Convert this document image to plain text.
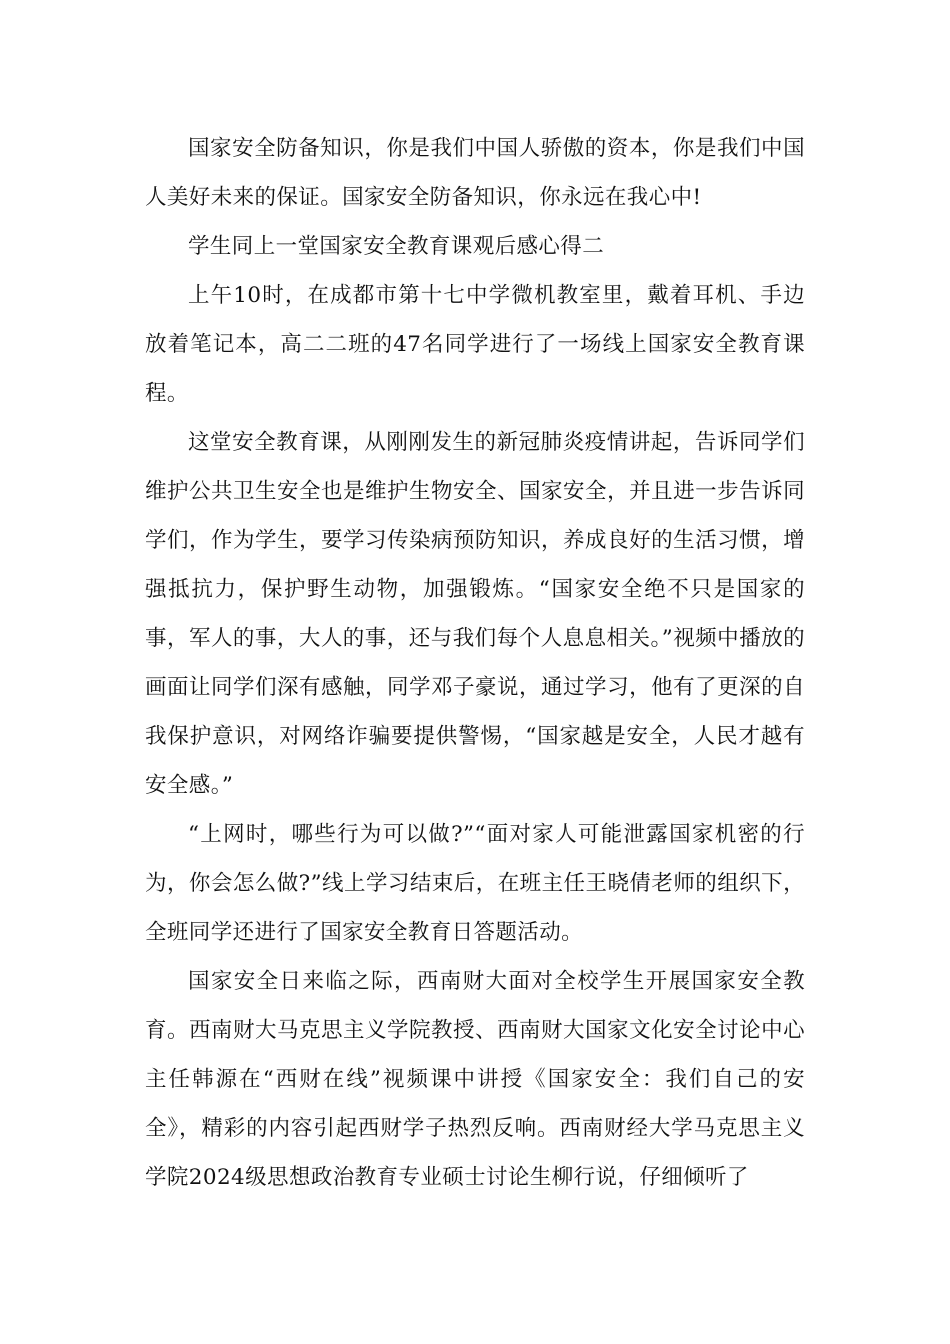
国家安全防备知识，你是我们中国人骄傲的资本，你是我们中国人美好未来的保证。国家安全防备知识，你永远在我心中!

学生同上一堂国家安全教育课观后感心得二

上午10时，在成都市第十七中学微机教室里，戴着耳机、手边放着笔记本，高二二班的47名同学进行了一场线上国家安全教育课程。

这堂安全教育课，从刚刚发生的新冠肺炎疫情讲起，告诉同学们维护公共卫生安全也是维护生物安全、国家安全，并且进一步告诉同学们，作为学生，要学习传染病预防知识，养成良好的生活习惯，增强抵抗力，保护野生动物，加强锻炼。“国家安全绝不只是国家的事，军人的事，大人的事，还与我们每个人息息相关。”视频中播放的画面让同学们深有感触，同学邓子豪说，通过学习，他有了更深的自我保护意识，对网络诈骗要提供警惕，“国家越是安全，人民才越有安全感。”

“上网时，哪些行为可以做?”“面对家人可能泄露国家机密的行为，你会怎么做?”线上学习结束后，在班主任王晓倩老师的组织下，全班同学还进行了国家安全教育日答题活动。

国家安全日来临之际，西南财大面对全校学生开展国家安全教育。西南财大马克思主义学院教授、西南财大国家文化安全讨论中心主任韩源在“西财在线”视频课中讲授《国家安全：我们自己的安全》，精彩的内容引起西财学子热烈反响。西南财经大学马克思主义学院2024级思想政治教育专业硕士讨论生柳行说，仔细倾听了
